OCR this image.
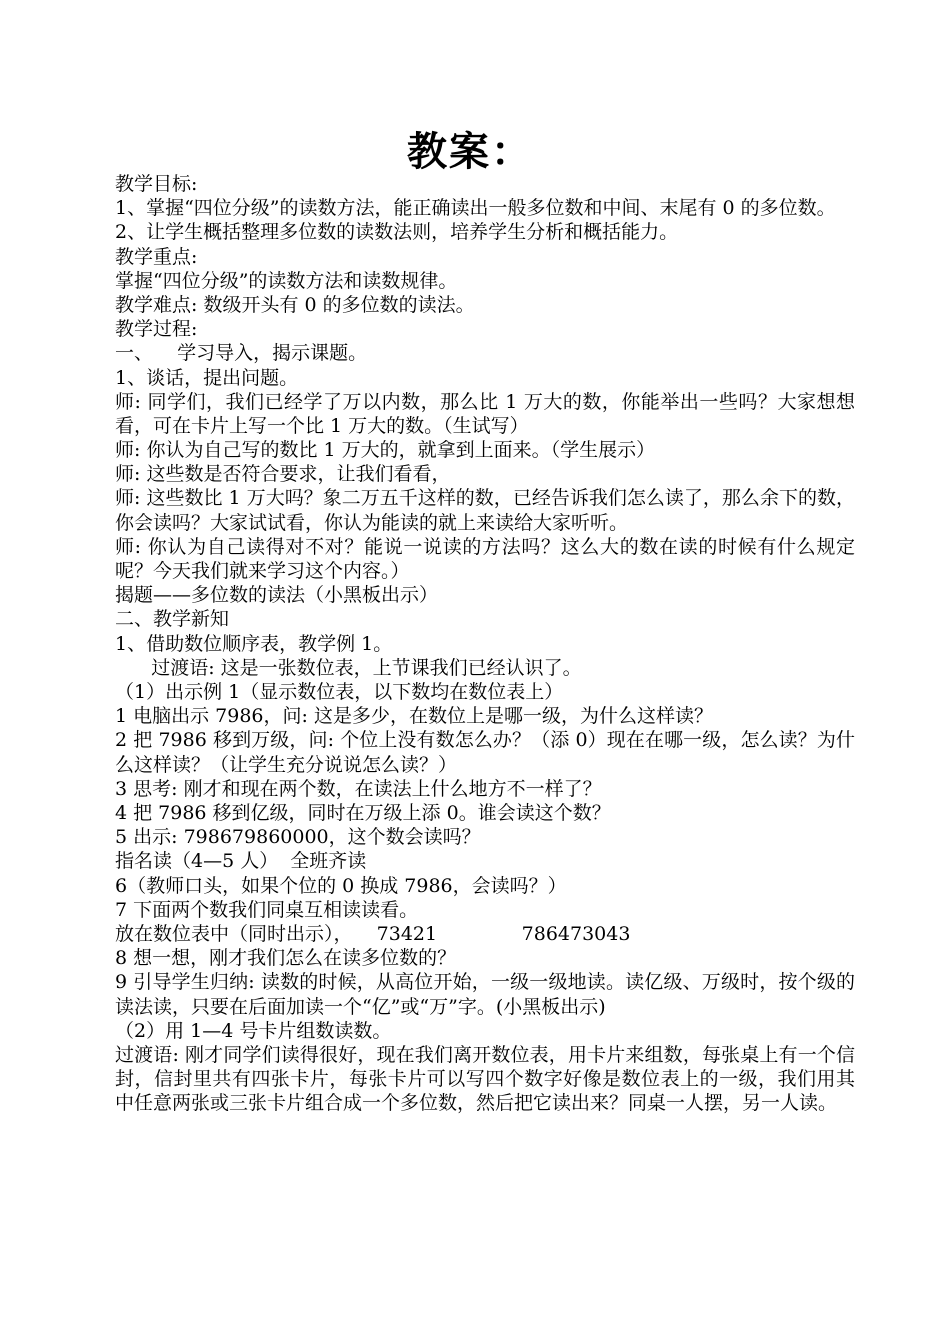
教案：
教学目标:
1、掌握“四位分级”的读数方法，能正确读出一般多位数和中间、末尾有 0 的多位数。
2、让学生概括整理多位数的读数法则，培养学生分析和概括能力。
教学重点:
掌握“四位分级”的读数方法和读数规律。
教学难点: 数级开头有 0 的多位数的读法。
教学过程:
一、    学习导入，揭示课题。
1、谈话，提出问题。
师: 同学们，我们已经学了万以内数，那么比 1 万大的数，你能举出一些吗？大家想想看，可在卡片上写一个比 1 万大的数。（生试写）
师: 你认为自己写的数比 1 万大的，就拿到上面来。（学生展示）
师: 这些数是否符合要求，让我们看看，
师: 这些数比 1 万大吗？象二万五千这样的数，已经告诉我们怎么读了，那么余下的数，你会读吗？大家试试看，你认为能读的就上来读给大家听听。
师: 你认为自己读得对不对？能说一说读的方法吗？这么大的数在读的时候有什么规定呢？今天我们就来学习这个内容。）
揭题——多位数的读法（小黑板出示）
二、教学新知
1、借助数位顺序表，教学例 1。
过渡语: 这是一张数位表，上节课我们已经认识了。
（1）出示例 1（显示数位表，以下数均在数位表上）
1 电脑出示 7986，问: 这是多少，在数位上是哪一级，为什么这样读？
2 把 7986 移到万级，问: 个位上没有数怎么办？（添 0）现在在哪一级，怎么读？为什么这样读？（让学生充分说说怎么读？）
3 思考: 刚才和现在两个数，在读法上什么地方不一样了？
4 把 7986 移到亿级，同时在万级上添 0。谁会读这个数？
5 出示: 798679860000，这个数会读吗？
指名读（4—5 人）  全班齐读
6（教师口头，如果个位的 0 换成 7986，会读吗？）
7 下面两个数我们同桌互相读读看。
放在数位表中（同时出示），    73421              786473043
8 想一想，刚才我们怎么在读多位数的？
9 引导学生归纳: 读数的时候，从高位开始，一级一级地读。读亿级、万级时，按个级的读法读，只要在后面加读一个“亿”或“万”字。(小黑板出示)
（2）用 1—4 号卡片组数读数。
过渡语: 刚才同学们读得很好，现在我们离开数位表，用卡片来组数，每张桌上有一个信封，信封里共有四张卡片，每张卡片可以写四个数字好像是数位表上的一级，我们用其中任意两张或三张卡片组合成一个多位数，然后把它读出来？同桌一人摆，另一人读。
